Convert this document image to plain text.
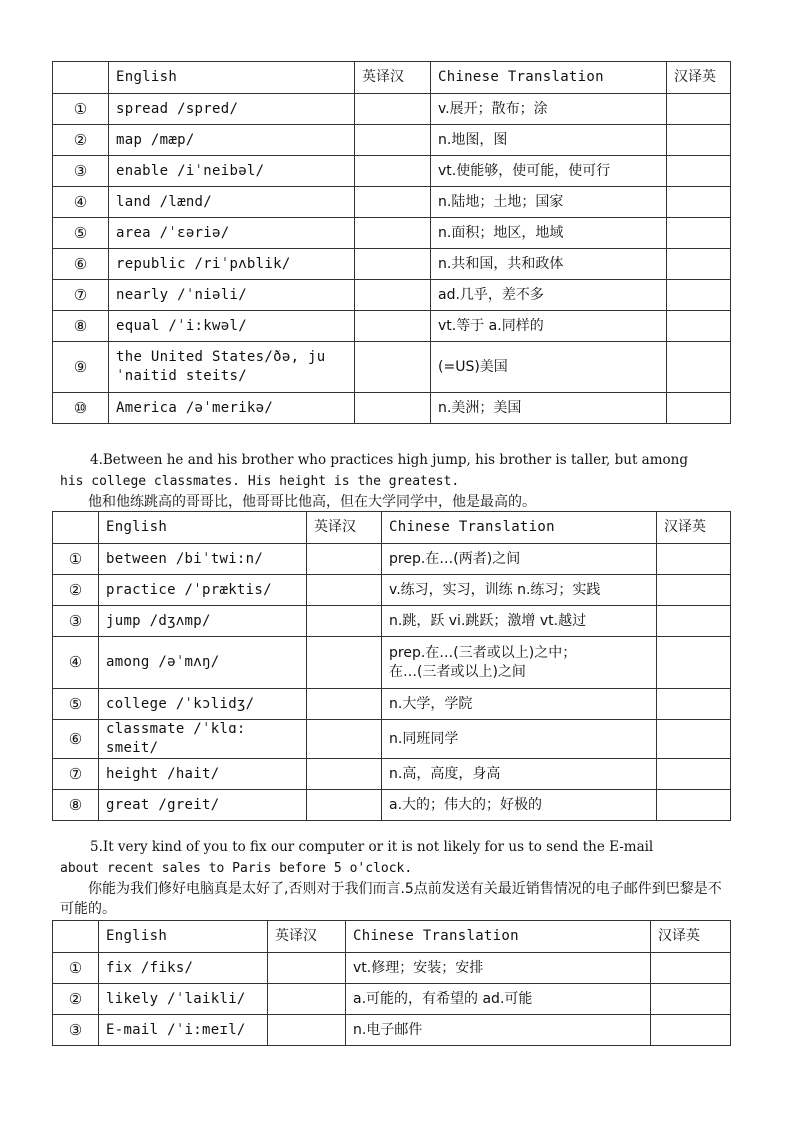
	English	英译汉	Chinese Translation	汉译英
①	spread /spred/		v.展开；散布；涂	
②	map /mæp/		n.地图，图	
③	enable /iˈneibəl/		vt.使能够，使可能，使可行	
④	land /lænd/		n.陆地；土地；国家	
⑤	area /ˈɛəriə/		n.面积；地区，地域	
⑥	republic /riˈpʌblik/		n.共和国，共和政体	
⑦	nearly /ˈniəli/		ad.几乎，差不多	
⑧	equal /ˈi:kwəl/		vt.等于 a.同样的	
⑨	the United States/ðə, juˈnaitid steits/		(=US)美国	
⑩	America /əˈmerikə/		n.美洲；美国	
4.Between he and his brother who practices high jump, his brother is taller, but among
his college classmates. His height is the greatest.
他和他练跳高的哥哥比，他哥哥比他高，但在大学同学中，他是最高的。
	English	英译汉	Chinese Translation	汉译英
①	between /biˈtwi:n/		prep.在…(两者)之间	
②	practice /ˈpræktis/		v.练习，实习，训练 n.练习；实践	
③	jump /dʒʌmp/		n.跳，跃 vi.跳跃；激增 vt.越过	
④	among /əˈmʌŋ/		prep.在…(三者或以上)之中；
在…(三者或以上)之间	
⑤	college /ˈkɔlidʒ/		n.大学，学院	
⑥	classmate /ˈklɑ: smeit/		n.同班同学	
⑦	height /hait/		n.高，高度，身高	
⑧	great /greit/		a.大的；伟大的；好极的	
5.It very kind of you to fix our computer or it is not likely for us to send the E-mail
about recent sales to Paris before 5 o'clock.
你能为我们修好电脑真是太好了,否则对于我们而言.5点前发送有关最近销售情况的电子邮件到巴黎是不可能的。
	English	英译汉	Chinese Translation	汉译英
①	fix /fiks/		vt.修理；安装；安排	
②	likely /ˈlaikli/		a.可能的，有希望的 ad.可能	
③	E-mail /ˈi:meɪl/		n.电子邮件	
